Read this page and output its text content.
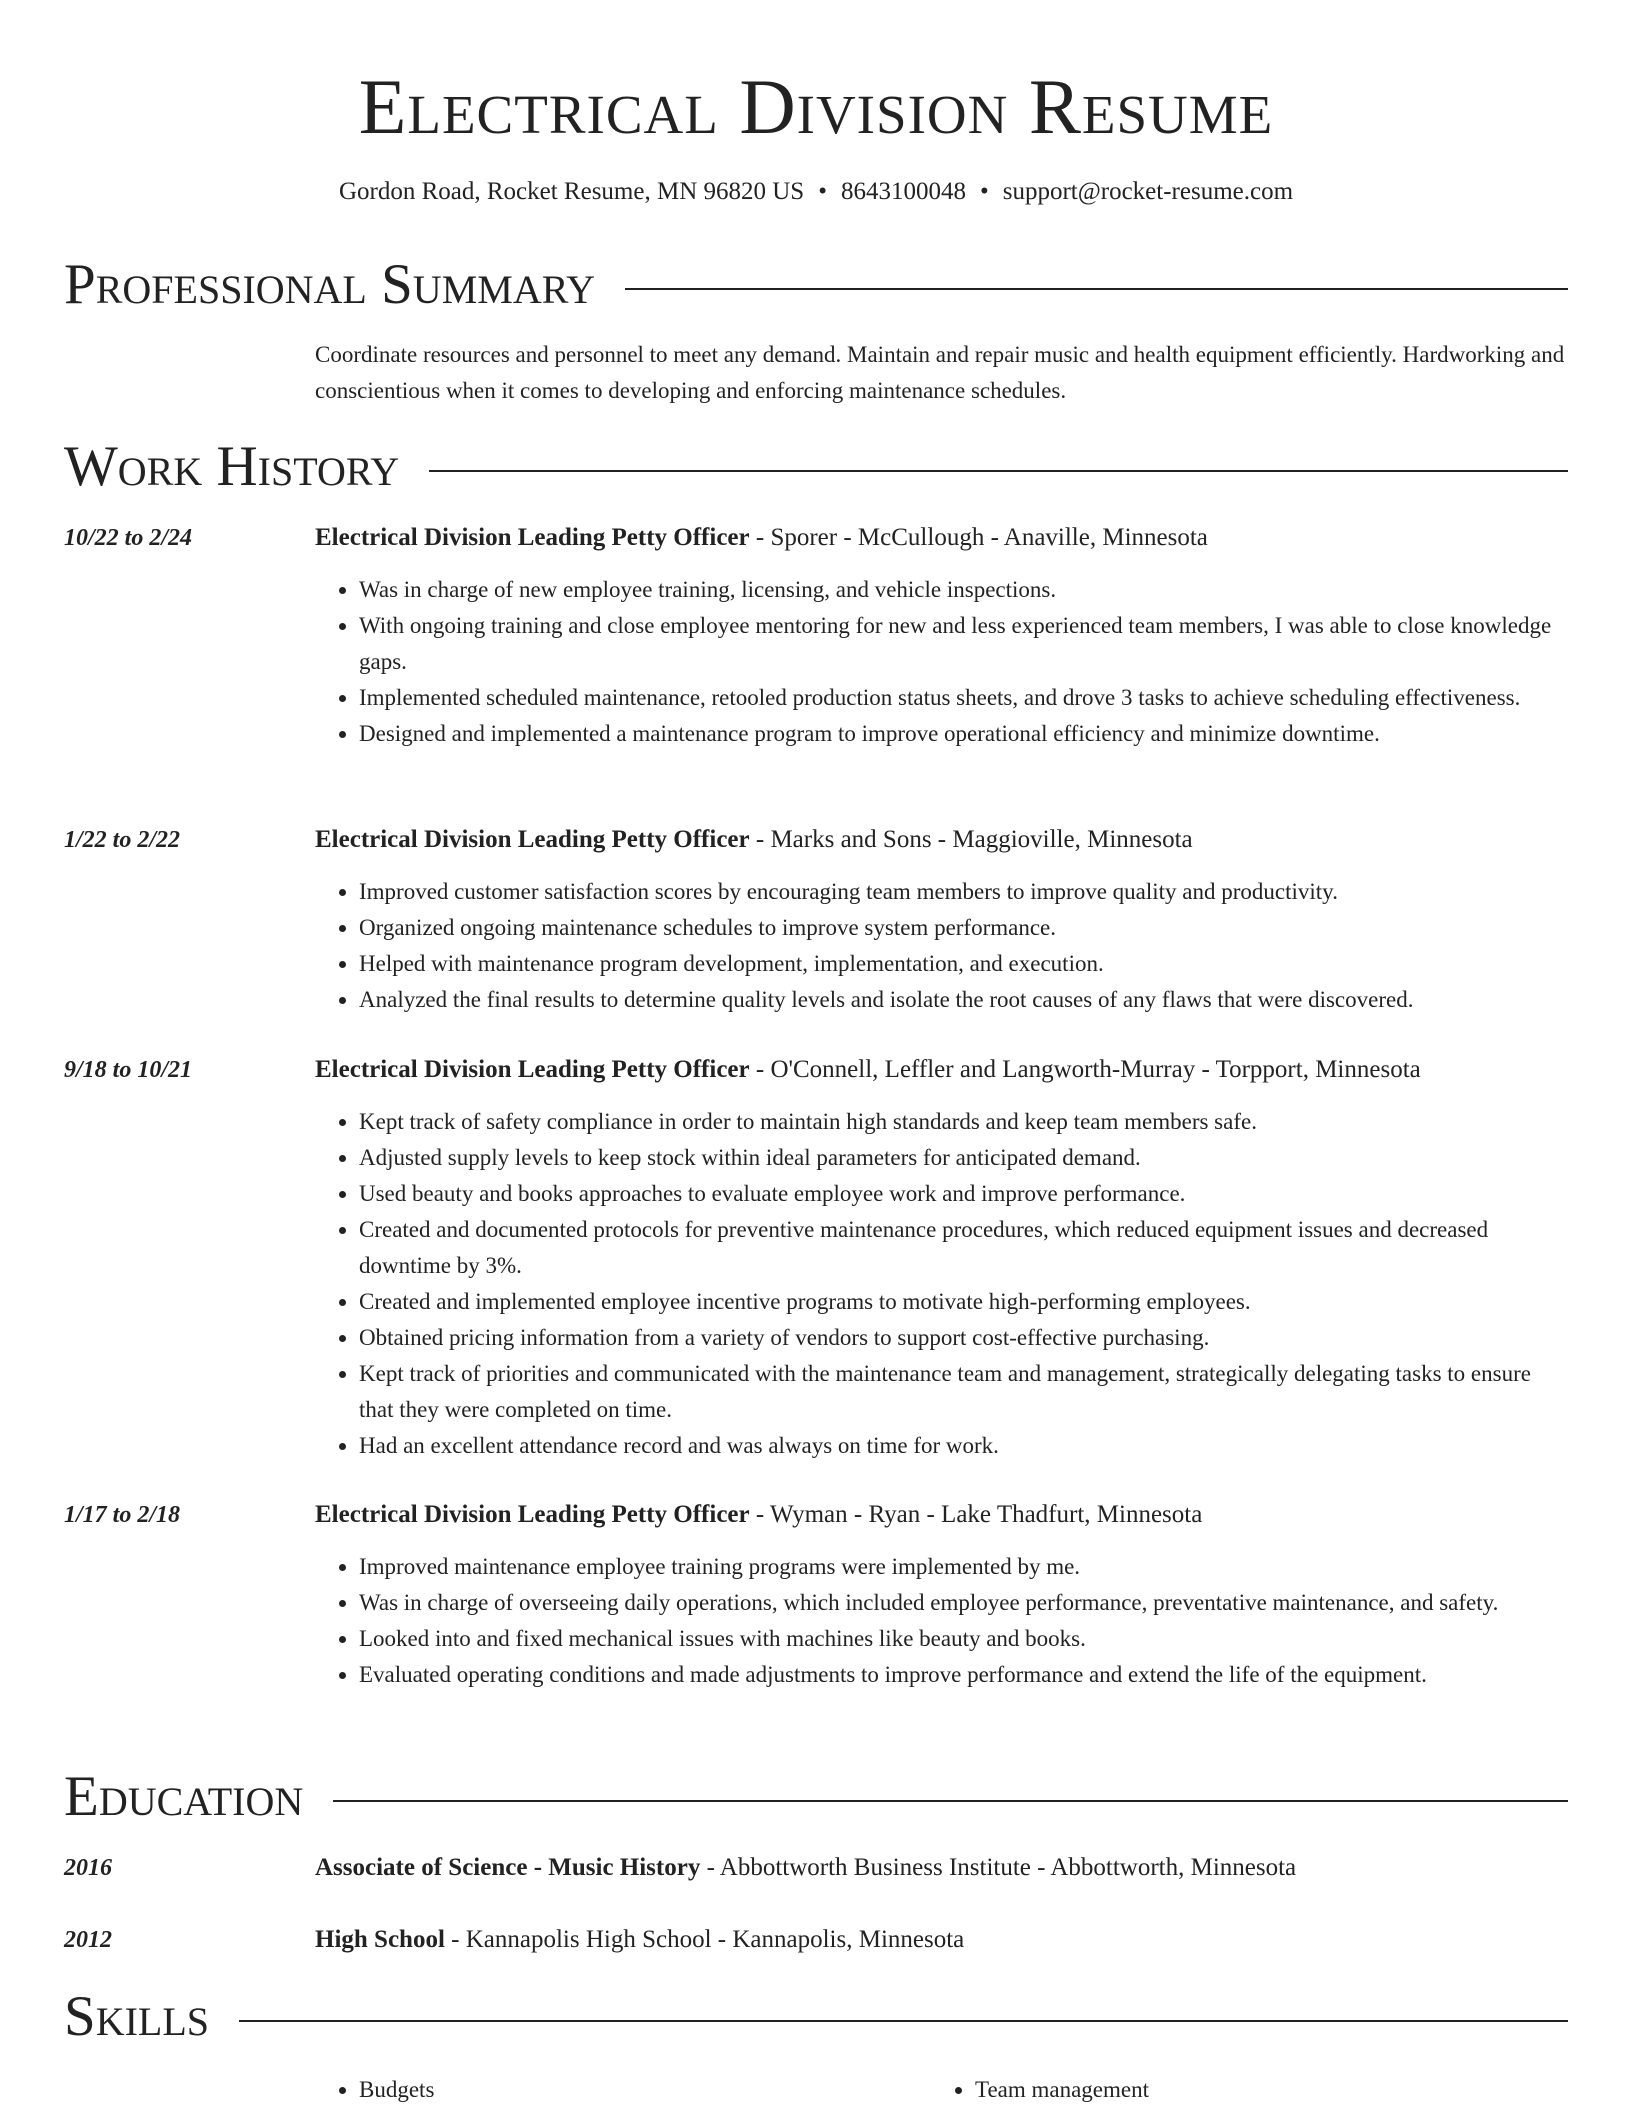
Electrical Division Resume
Gordon Road, Rocket Resume, MN 96820 US • 8643100048 • support@rocket-resume.com
Professional Summary

Coordinate resources and personnel to meet any demand. Maintain and repair music and health equipment efficiently. Hardworking and conscientious when it comes to developing and enforcing maintenance schedules.

Work History
10/22 to 2/24	Electrical Division Leading Petty Officer - Sporer - McCullough - Anaville, Minnesota
• Was in charge of new employee training, licensing, and vehicle inspections.
• With ongoing training and close employee mentoring for new and less experienced team members, I was able to close knowledge gaps.
• Implemented scheduled maintenance, retooled production status sheets, and drove 3 tasks to achieve scheduling effectiveness.
• Designed and implemented a maintenance program to improve operational efficiency and minimize downtime.
1/22 to 2/22	Electrical Division Leading Petty Officer - Marks and Sons - Maggioville, Minnesota
• Improved customer satisfaction scores by encouraging team members to improve quality and productivity.
• Organized ongoing maintenance schedules to improve system performance.
• Helped with maintenance program development, implementation, and execution.
• Analyzed the final results to determine quality levels and isolate the root causes of any flaws that were discovered.
9/18 to 10/21	Electrical Division Leading Petty Officer - O'Connell, Leffler and Langworth-Murray - Torpport, Minnesota
• Kept track of safety compliance in order to maintain high standards and keep team members safe.
• Adjusted supply levels to keep stock within ideal parameters for anticipated demand.
• Used beauty and books approaches to evaluate employee work and improve performance.
• Created and documented protocols for preventive maintenance procedures, which reduced equipment issues and decreased downtime by 3%.
• Created and implemented employee incentive programs to motivate high-performing employees.
• Obtained pricing information from a variety of vendors to support cost-effective purchasing.
• Kept track of priorities and communicated with the maintenance team and management, strategically delegating tasks to ensure that they were completed on time.
• Had an excellent attendance record and was always on time for work.
1/17 to 2/18	Electrical Division Leading Petty Officer - Wyman - Ryan - Lake Thadfurt, Minnesota
• Improved maintenance employee training programs were implemented by me.
• Was in charge of overseeing daily operations, which included employee performance, preventative maintenance, and safety.
• Looked into and fixed mechanical issues with machines like beauty and books.
• Evaluated operating conditions and made adjustments to improve performance and extend the life of the equipment.
Education
2016	Associate of Science - Music History - Abbottworth Business Institute - Abbottworth, Minnesota
2012	High School - Kannapolis High School - Kannapolis, Minnesota
Skills
• Budgets
•	Team management
